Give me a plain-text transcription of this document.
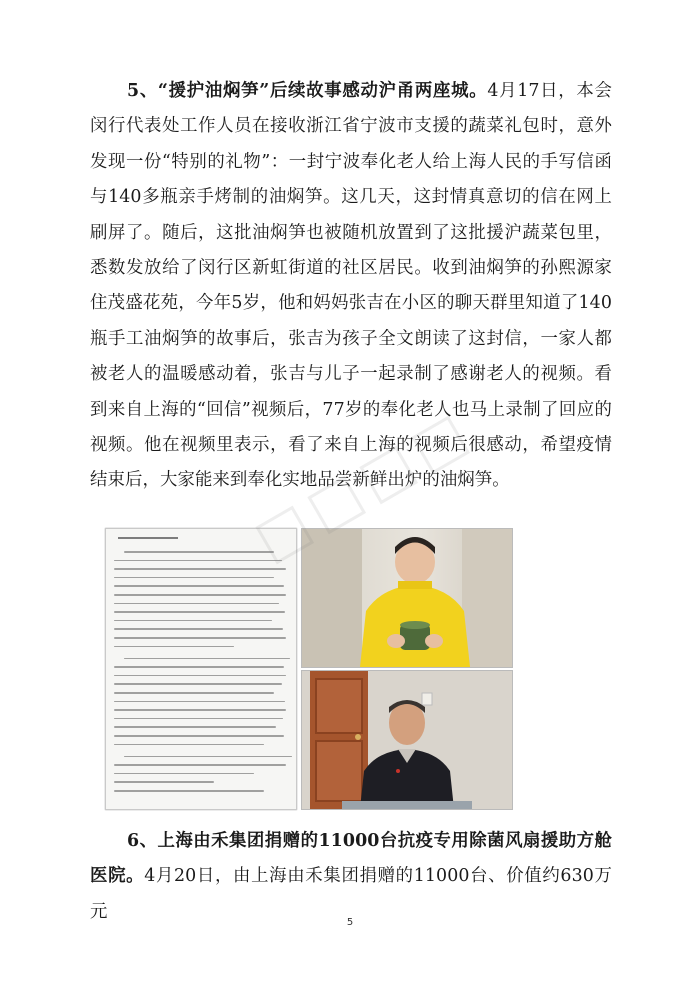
5、“援护油焖笋”后续故事感动沪甬两座城。4月17日，本会闵行代表处工作人员在接收浙江省宁波市支援的蔬菜礼包时，意外发现一份“特别的礼物”：一封宁波奉化老人给上海人民的手写信函与140多瓶亲手烤制的油焖笋。这几天，这封情真意切的信在网上刷屏了。随后，这批油焖笋也被随机放置到了这批援沪蔬菜包里，悉数发放给了闵行区新虹街道的社区居民。收到油焖笋的孙熙源家住茂盛花苑，今年5岁，他和妈妈张吉在小区的聊天群里知道了140瓶手工油焖笋的故事后，张吉为孩子全文朗读了这封信，一家人都被老人的温暖感动着，张吉与儿子一起录制了感谢老人的视频。看到来自上海的“回信”视频后，77岁的奉化老人也马上录制了回应的视频。他在视频里表示，看了来自上海的视频后很感动，希望疫情结束后，大家能来到奉化实地品尝新鲜出炉的油焖笋。

6、上海由禾集团捐赠的11000台抗疫专用除菌风扇援助方舱医院。4月20日，由上海由禾集团捐赠的11000台、价值约630万元

5
